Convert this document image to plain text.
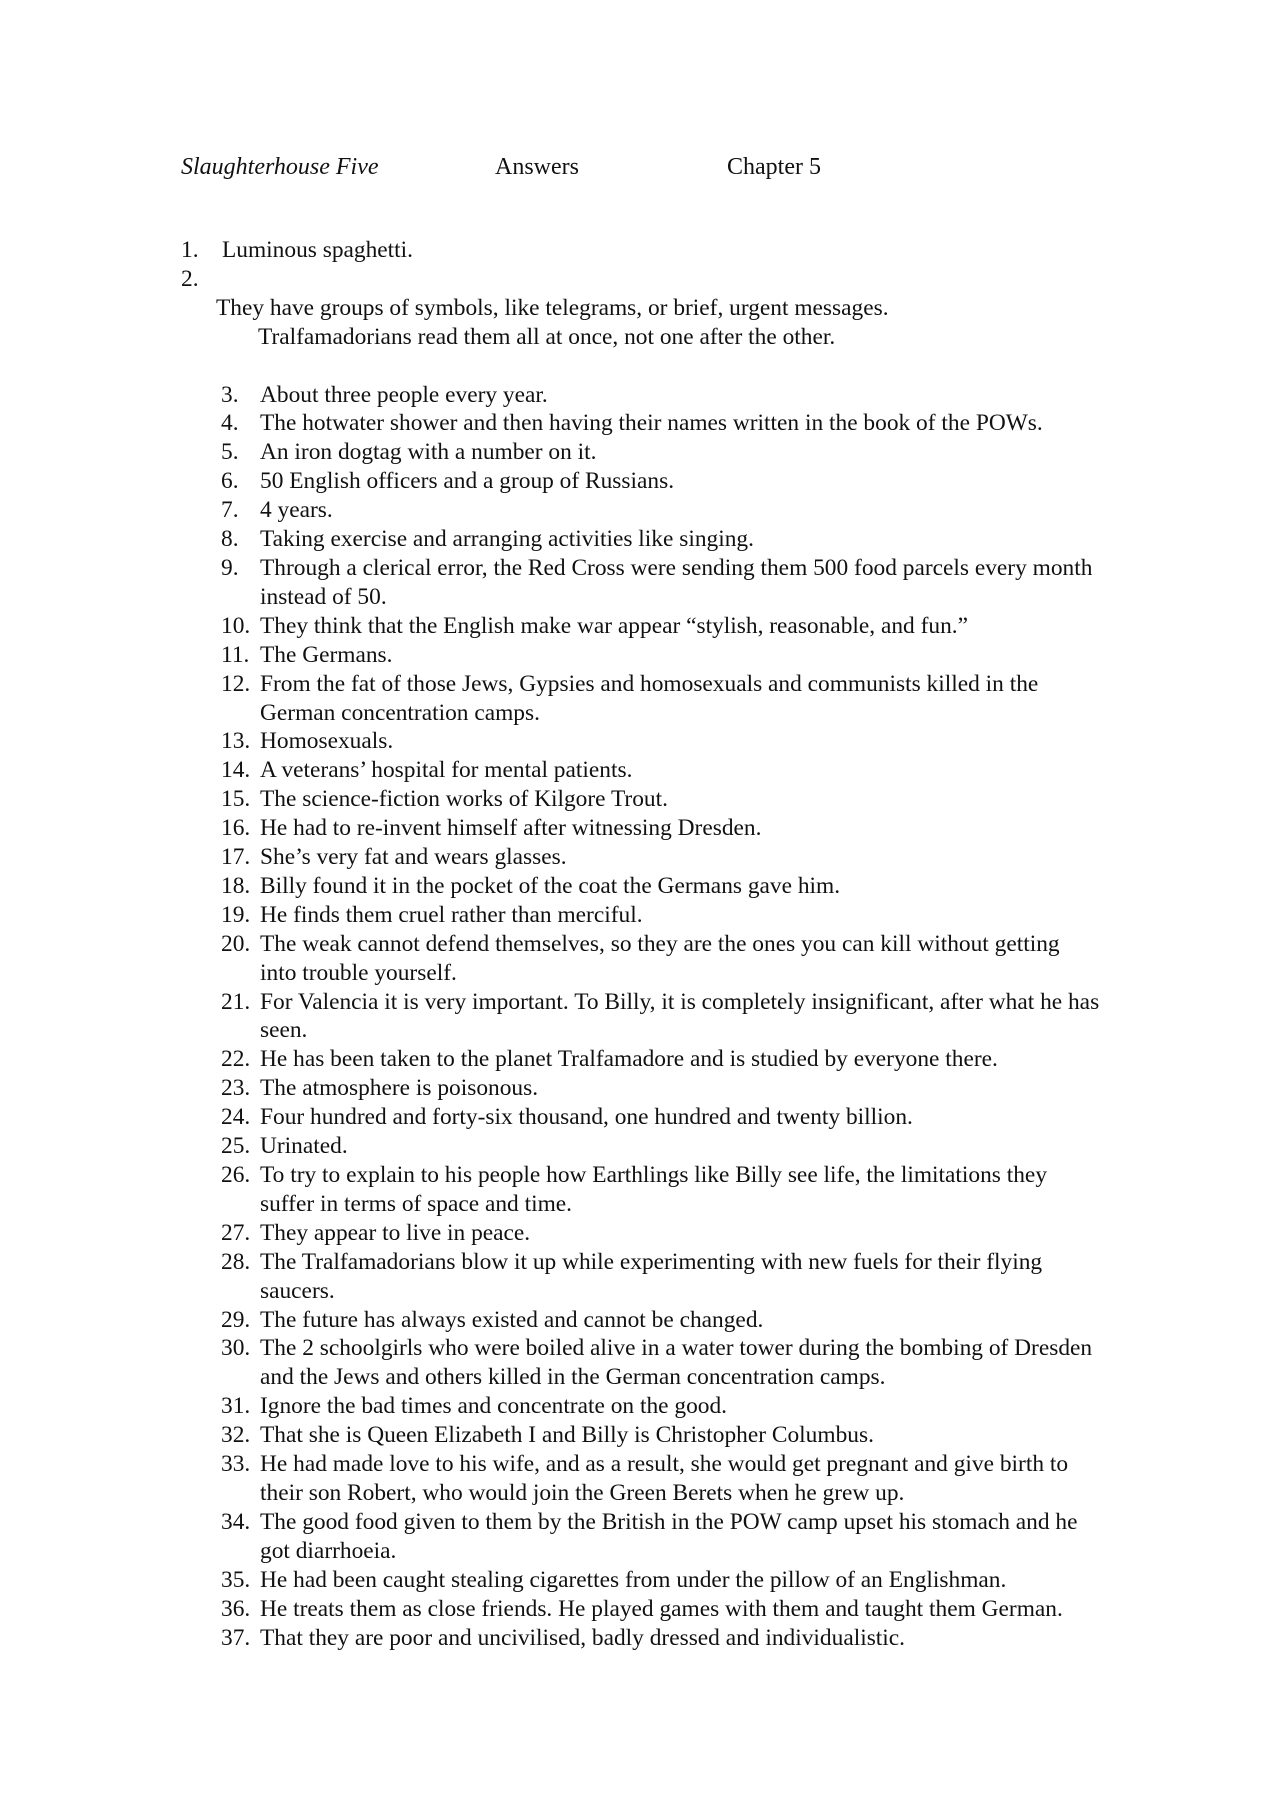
Slaughterhouse Five	Answers	Chapter 5
1. Luminous spaghetti.
2.

They have groups of symbols, like telegrams, or brief, urgent messages.

Tralfamadorians read them all at once, not one after the other.

3. About three people every year.
4. The hotwater shower and then having their names written in the book of the POWs.
5. An iron dogtag with a number on it.
6. 50 English officers and a group of Russians.
7. 4 years.
8. Taking exercise and arranging activities like singing.
9. Through a clerical error, the Red Cross were sending them 500 food parcels every month instead of 50.
10. They think that the English make war appear “stylish, reasonable, and fun.”
11. The Germans.
12. From the fat of those Jews, Gypsies and homosexuals and communists killed in the German concentration camps.
13. Homosexuals.
14. A veterans’ hospital for mental patients.
15. The science-fiction works of Kilgore Trout.
16. He had to re-invent himself after witnessing Dresden.
17. She’s very fat and wears glasses.
18. Billy found it in the pocket of the coat the Germans gave him.
19. He finds them cruel rather than merciful.
20. The weak cannot defend themselves, so they are the ones you can kill without getting into trouble yourself.
21. For Valencia it is very important. To Billy, it is completely insignificant, after what he has seen.
22. He has been taken to the planet Tralfamadore and is studied by everyone there.
23. The atmosphere is poisonous.
24. Four hundred and forty-six thousand, one hundred and twenty billion.
25. Urinated.
26. To try to explain to his people how Earthlings like Billy see life, the limitations they suffer in terms of space and time.
27. They appear to live in peace.
28. The Tralfamadorians blow it up while experimenting with new fuels for their flying saucers.
29. The future has always existed and cannot be changed.
30. The 2 schoolgirls who were boiled alive in a water tower during the bombing of Dresden and the Jews and others killed in the German concentration camps.
31. Ignore the bad times and concentrate on the good.
32. That she is Queen Elizabeth I and Billy is Christopher Columbus.
33. He had made love to his wife, and as a result, she would get pregnant and give birth to their son Robert, who would join the Green Berets when he grew up.
34. The good food given to them by the British in the POW camp upset his stomach and he got diarrhoeia.
35. He had been caught stealing cigarettes from under the pillow of an Englishman.
36. He treats them as close friends. He played games with them and taught them German.
37. That they are poor and uncivilised, badly dressed and individualistic.
